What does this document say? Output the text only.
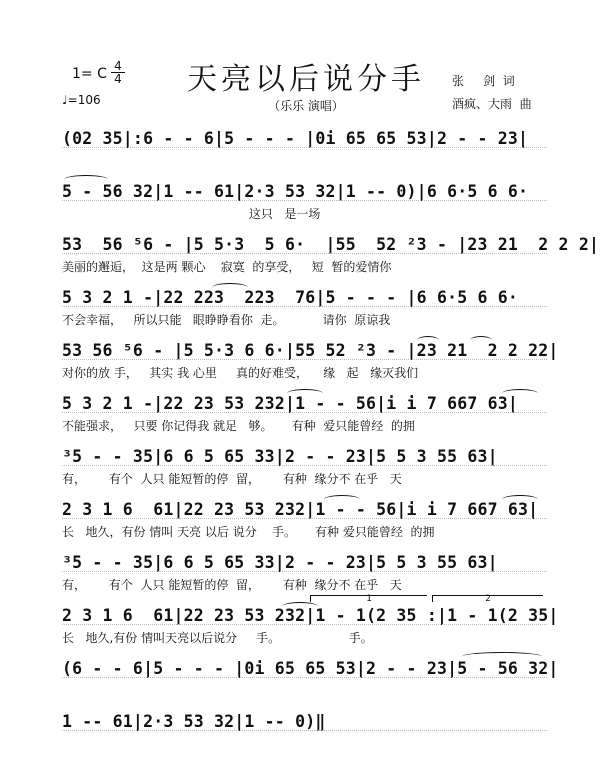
天亮以后说分手
（乐乐 演唱）
1= C 4
4
♩=106
张     剑  词
酒疯、大雨  曲
(02 35|:6 - - 6|5 - - - |0i 65 65 53|2 - - 23|
5 - 56 32|1 -- 61|2·3 53 32|1 -- 0)|6 6·5 6 6·
这只   是一场
53  56 ⁵6 - |5 5·3  5 6·  |55  52 ²3 - |23 21  2 2 2|
美丽的邂逅，  这是两 颗心    寂寞  的享受，   短  暂的爱情你
5 3 2 1 -|22 223  223  76|5 - - - |6 6·5 6 6·
不会幸福，   所以只能   眼睁睁看你  走。          请你  原谅我
53 56 ⁵6 - |5 5·3 6 6·|55 52 ²3 - |23 21  2 2 22|
对你的放 手，   其实 我 心里     真的好难受，    缘   起   缘灭我们
5 3 2 1 -|22 23 53 232|1 - - 56|i i 7 667 63|
不能强求，   只要 你记得我 就足   够。     有种  爱只能曾经  的拥
³5 - - 35|6 6 5 65 33|2 - - 23|5 5 3 55 63|
有，      有个  人只 能短暂的停  留，      有种  缘分不 在乎   天
2 3 1 6  61|22 23 53 232|1 - - 56|i i 7 667 63|
长   地久，有份 情叫 天亮 以后 说分    手。     有种 爱只能曾经  的拥
³5 - - 35|6 6 5 65 33|2 - - 23|5 5 3 55 63|
有，      有个  人只 能短暂的停  留，      有种  缘分不 在乎   天
1	2
2 3 1 6  61|22 23 53 232|1 - 1(2 35 :|1 - 1(2 35|
长   地久,有份 情叫天亮以后说分     手。                  手。
(6 - - 6|5 - - - |0i 65 65 53|2 - - 23|5 - 56 32|
1 -- 61|2·3 53 32|1 -- 0)‖
